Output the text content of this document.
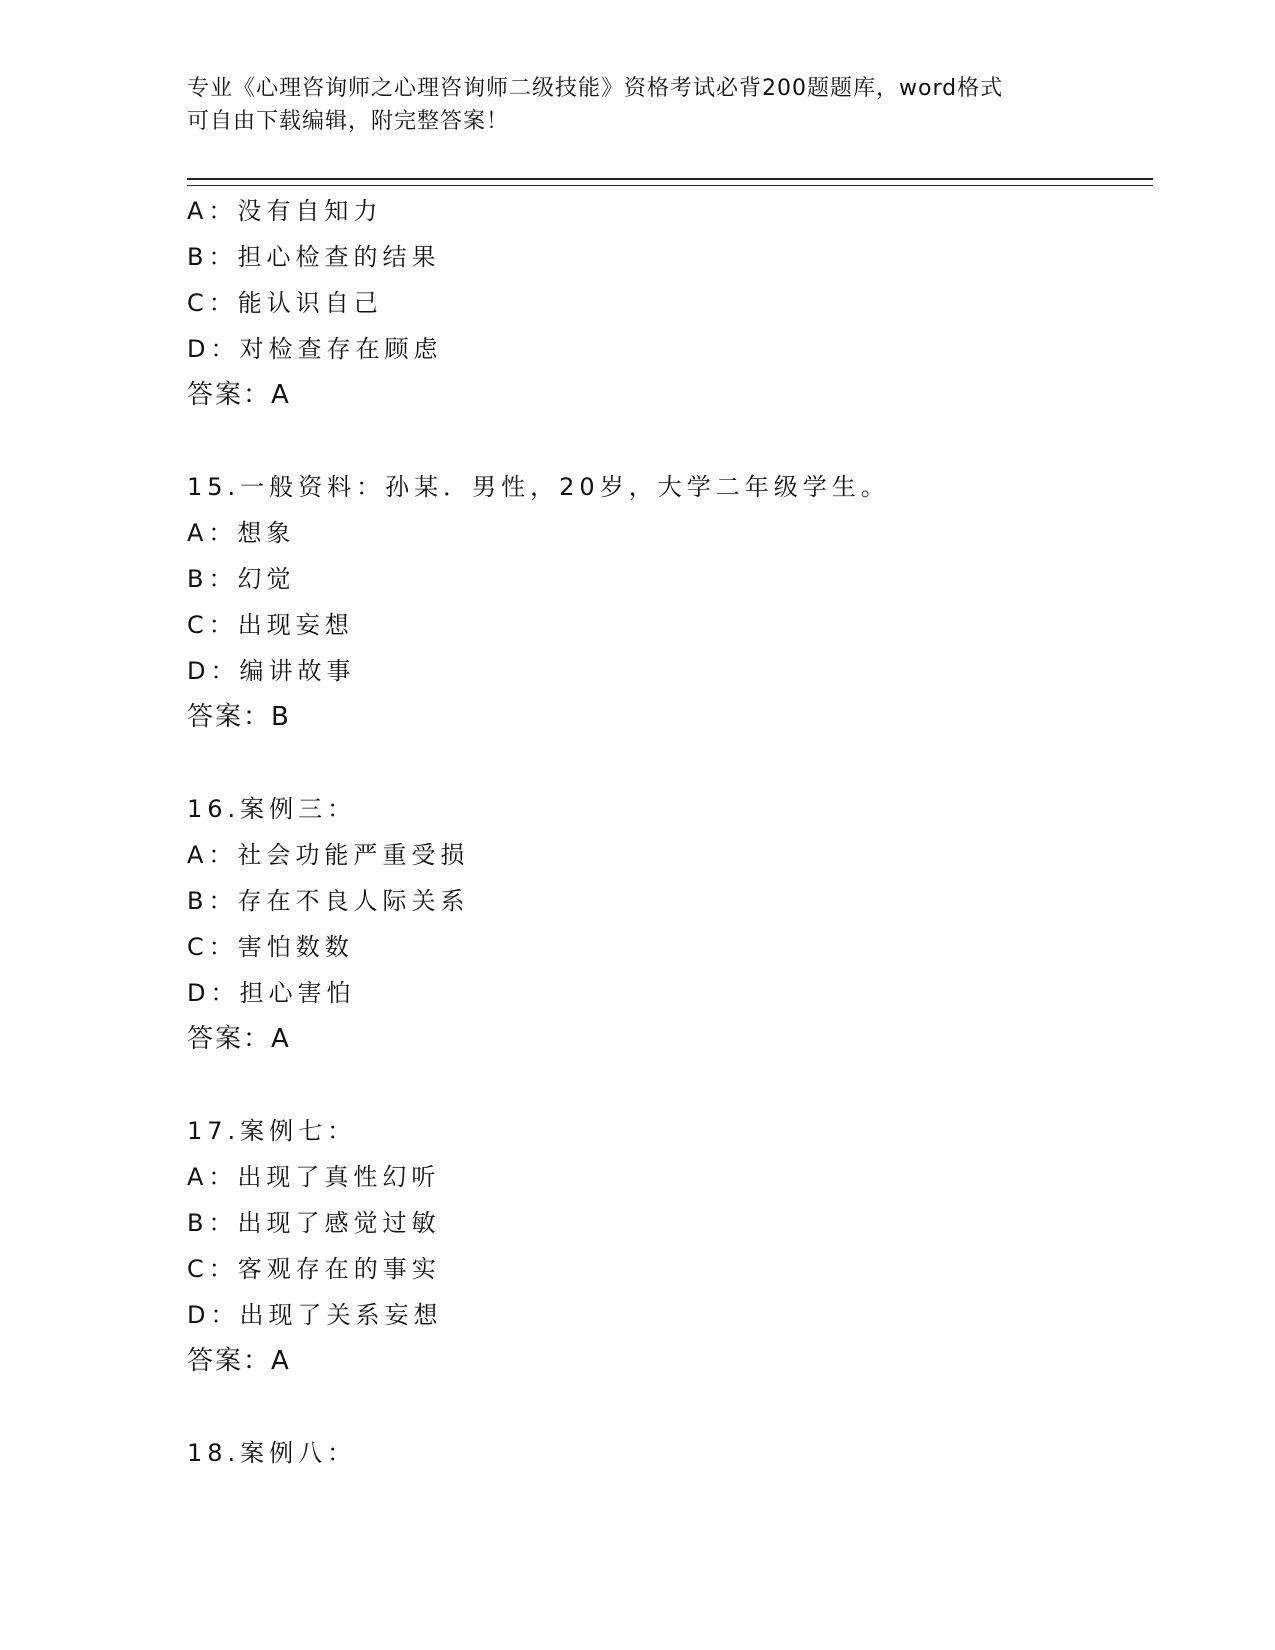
专业《心理咨询师之心理咨询师二级技能》资格考试必背200题题库，word格式
可自由下载编辑，附完整答案！
A：没有自知力
B：担心检查的结果
C：能认识自己
D：对检查存在顾虑
答案：A
15.一般资料：孙某．男性，20岁，大学二年级学生。
A：想象
B：幻觉
C：出现妄想
D：编讲故事
答案：B
16.案例三：
A：社会功能严重受损
B：存在不良人际关系
C：害怕数数
D：担心害怕
答案：A
17.案例七：
A：出现了真性幻听
B：出现了感觉过敏
C：客观存在的事实
D：出现了关系妄想
答案：A
18.案例八：
